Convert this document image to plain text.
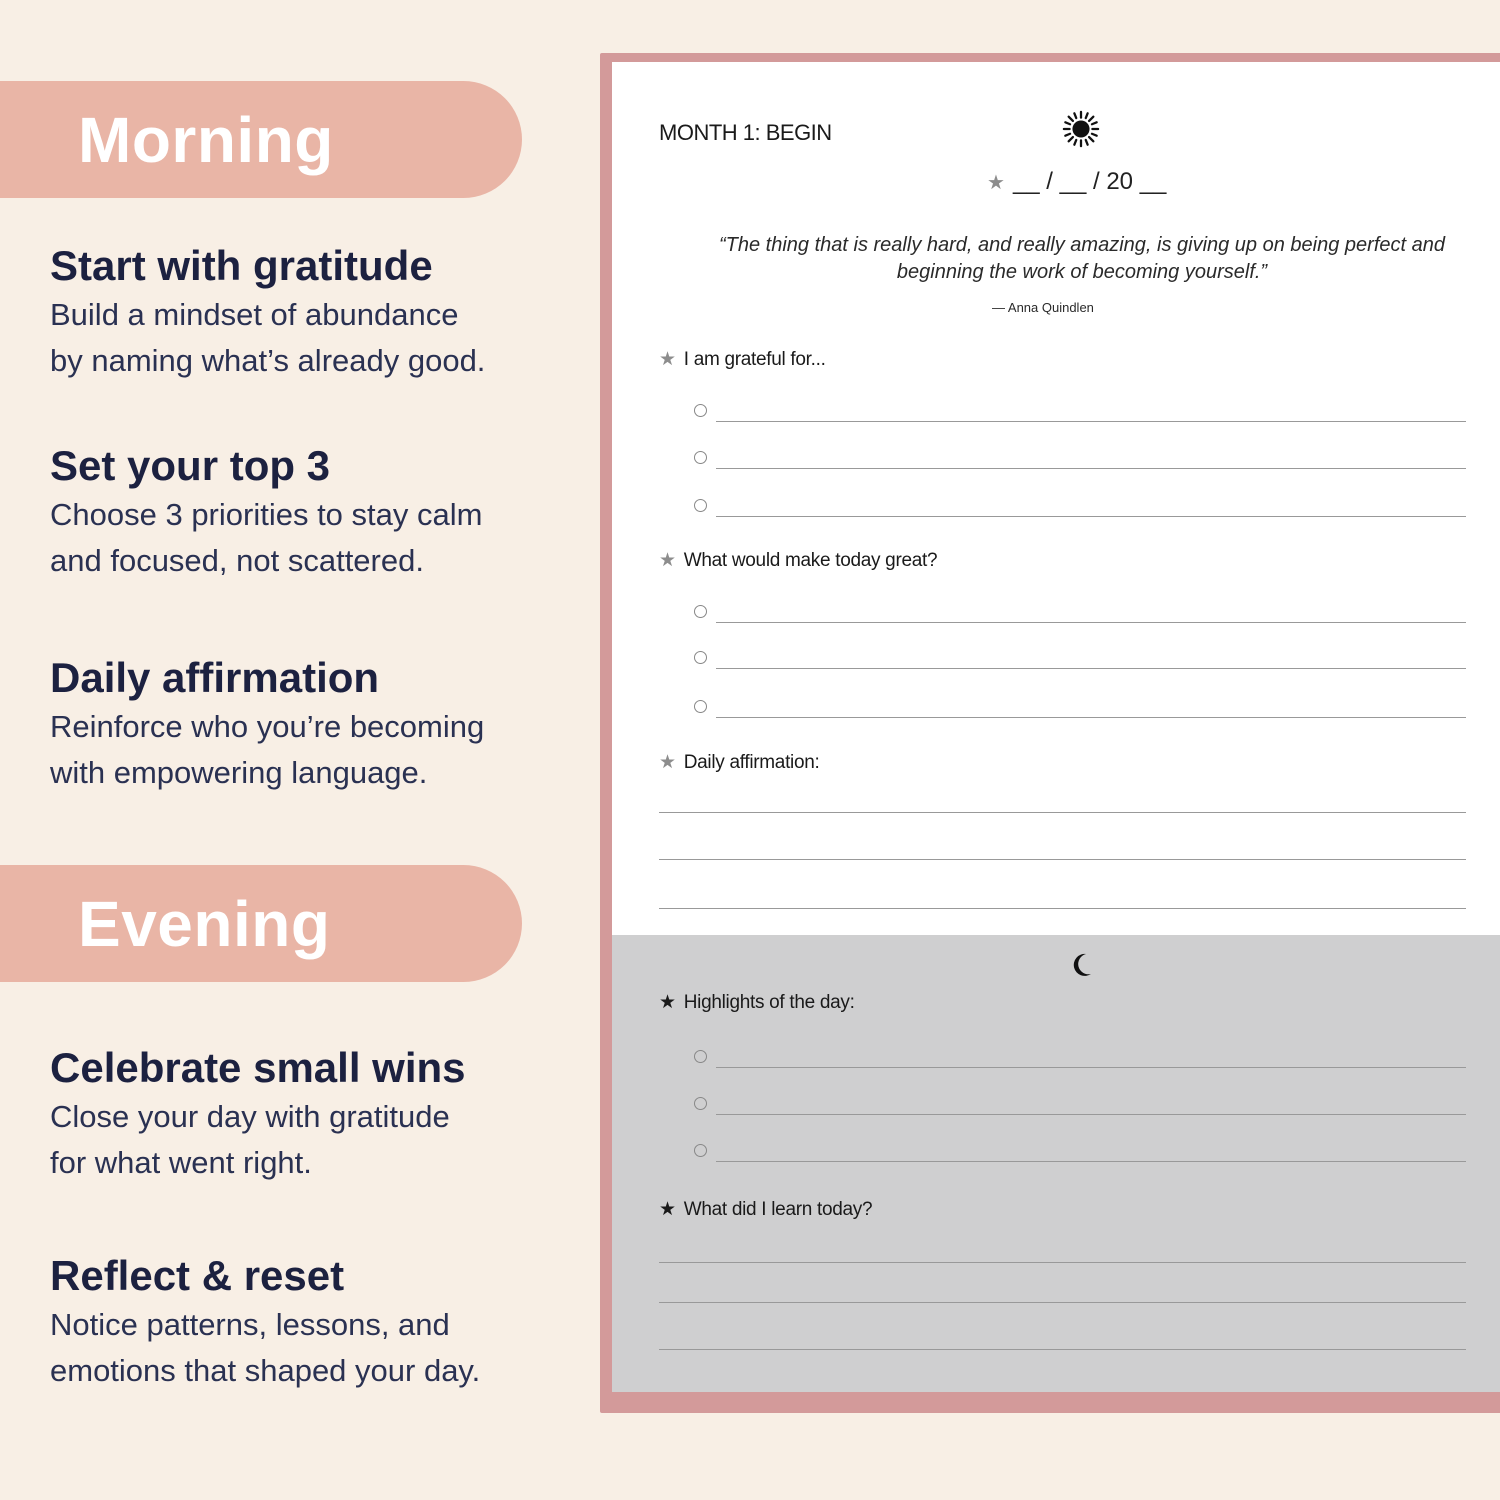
Morning
Start with gratitude

Build a mindset of abundance
by naming what’s already good.

Set your top 3

Choose 3 priorities to stay calm
and focused, not scattered.

Daily affirmation

Reinforce who you’re becoming
with empowering language.

Evening
Celebrate small wins

Close your day with gratitude
for what went right.

Reflect & reset

Notice patterns, lessons, and
emotions that shaped your day.

MONTH 1: BEGIN
★ __ / __ / 20 __
“The thing that is really hard, and really amazing, is giving up on being perfect and beginning the work of becoming yourself.”
— Anna Quindlen
★ I am grateful for...
★ What would make today great?
★ Daily affirmation:
★ Highlights of the day:
★ What did I learn today?
